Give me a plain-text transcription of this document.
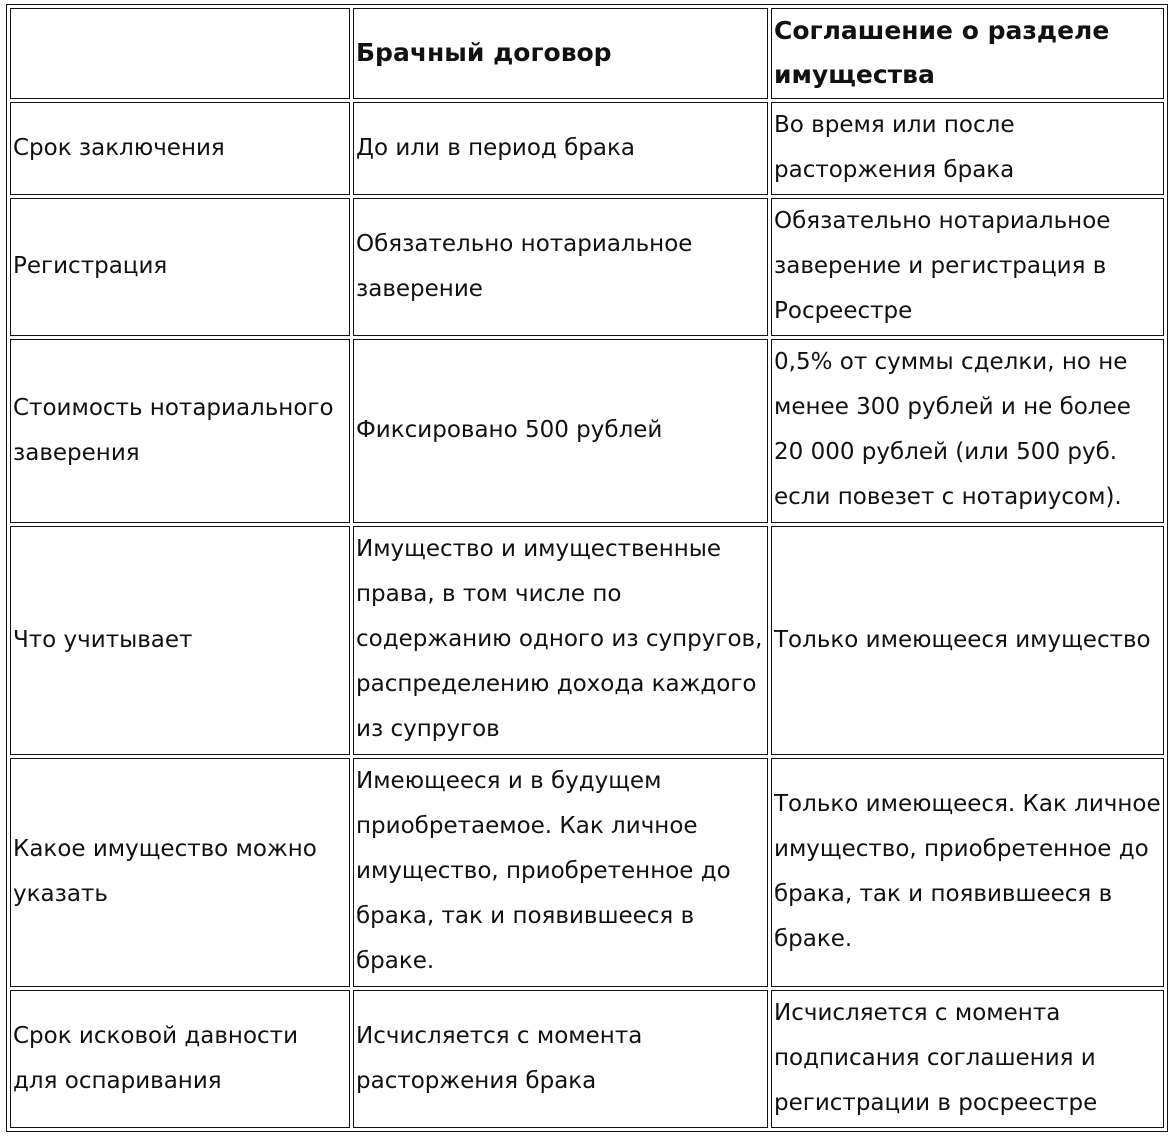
	Брачный договор	Соглашение о разделе имущества
Срок заключения	До или в период брака	Во время или после расторжения брака
Регистрация	Обязательно нотариальное заверение	Обязательно нотариальное заверение и регистрация в Росреестре
Стоимость нотариального заверения	Фиксировано 500 рублей	0,5% от суммы сделки, но не менее 300 рублей и не более 20 000 рублей (или 500 руб. если повезет с нотариусом).
Что учитывает	Имущество и имущественные права, в том числе по содержанию одного из супругов, распределению дохода каждого из супругов	Только имеющееся имущество
Какое имущество можно указать	Имеющееся и в будущем приобретаемое. Как личное имущество, приобретенное до брака, так и появившееся в браке.	Только имеющееся. Как личное имущество, приобретенное до брака, так и появившееся в браке.
Срок исковой давности для оспаривания	Исчисляется с момента расторжения брака	Исчисляется с момента подписания соглашения и регистрации в росреестре
